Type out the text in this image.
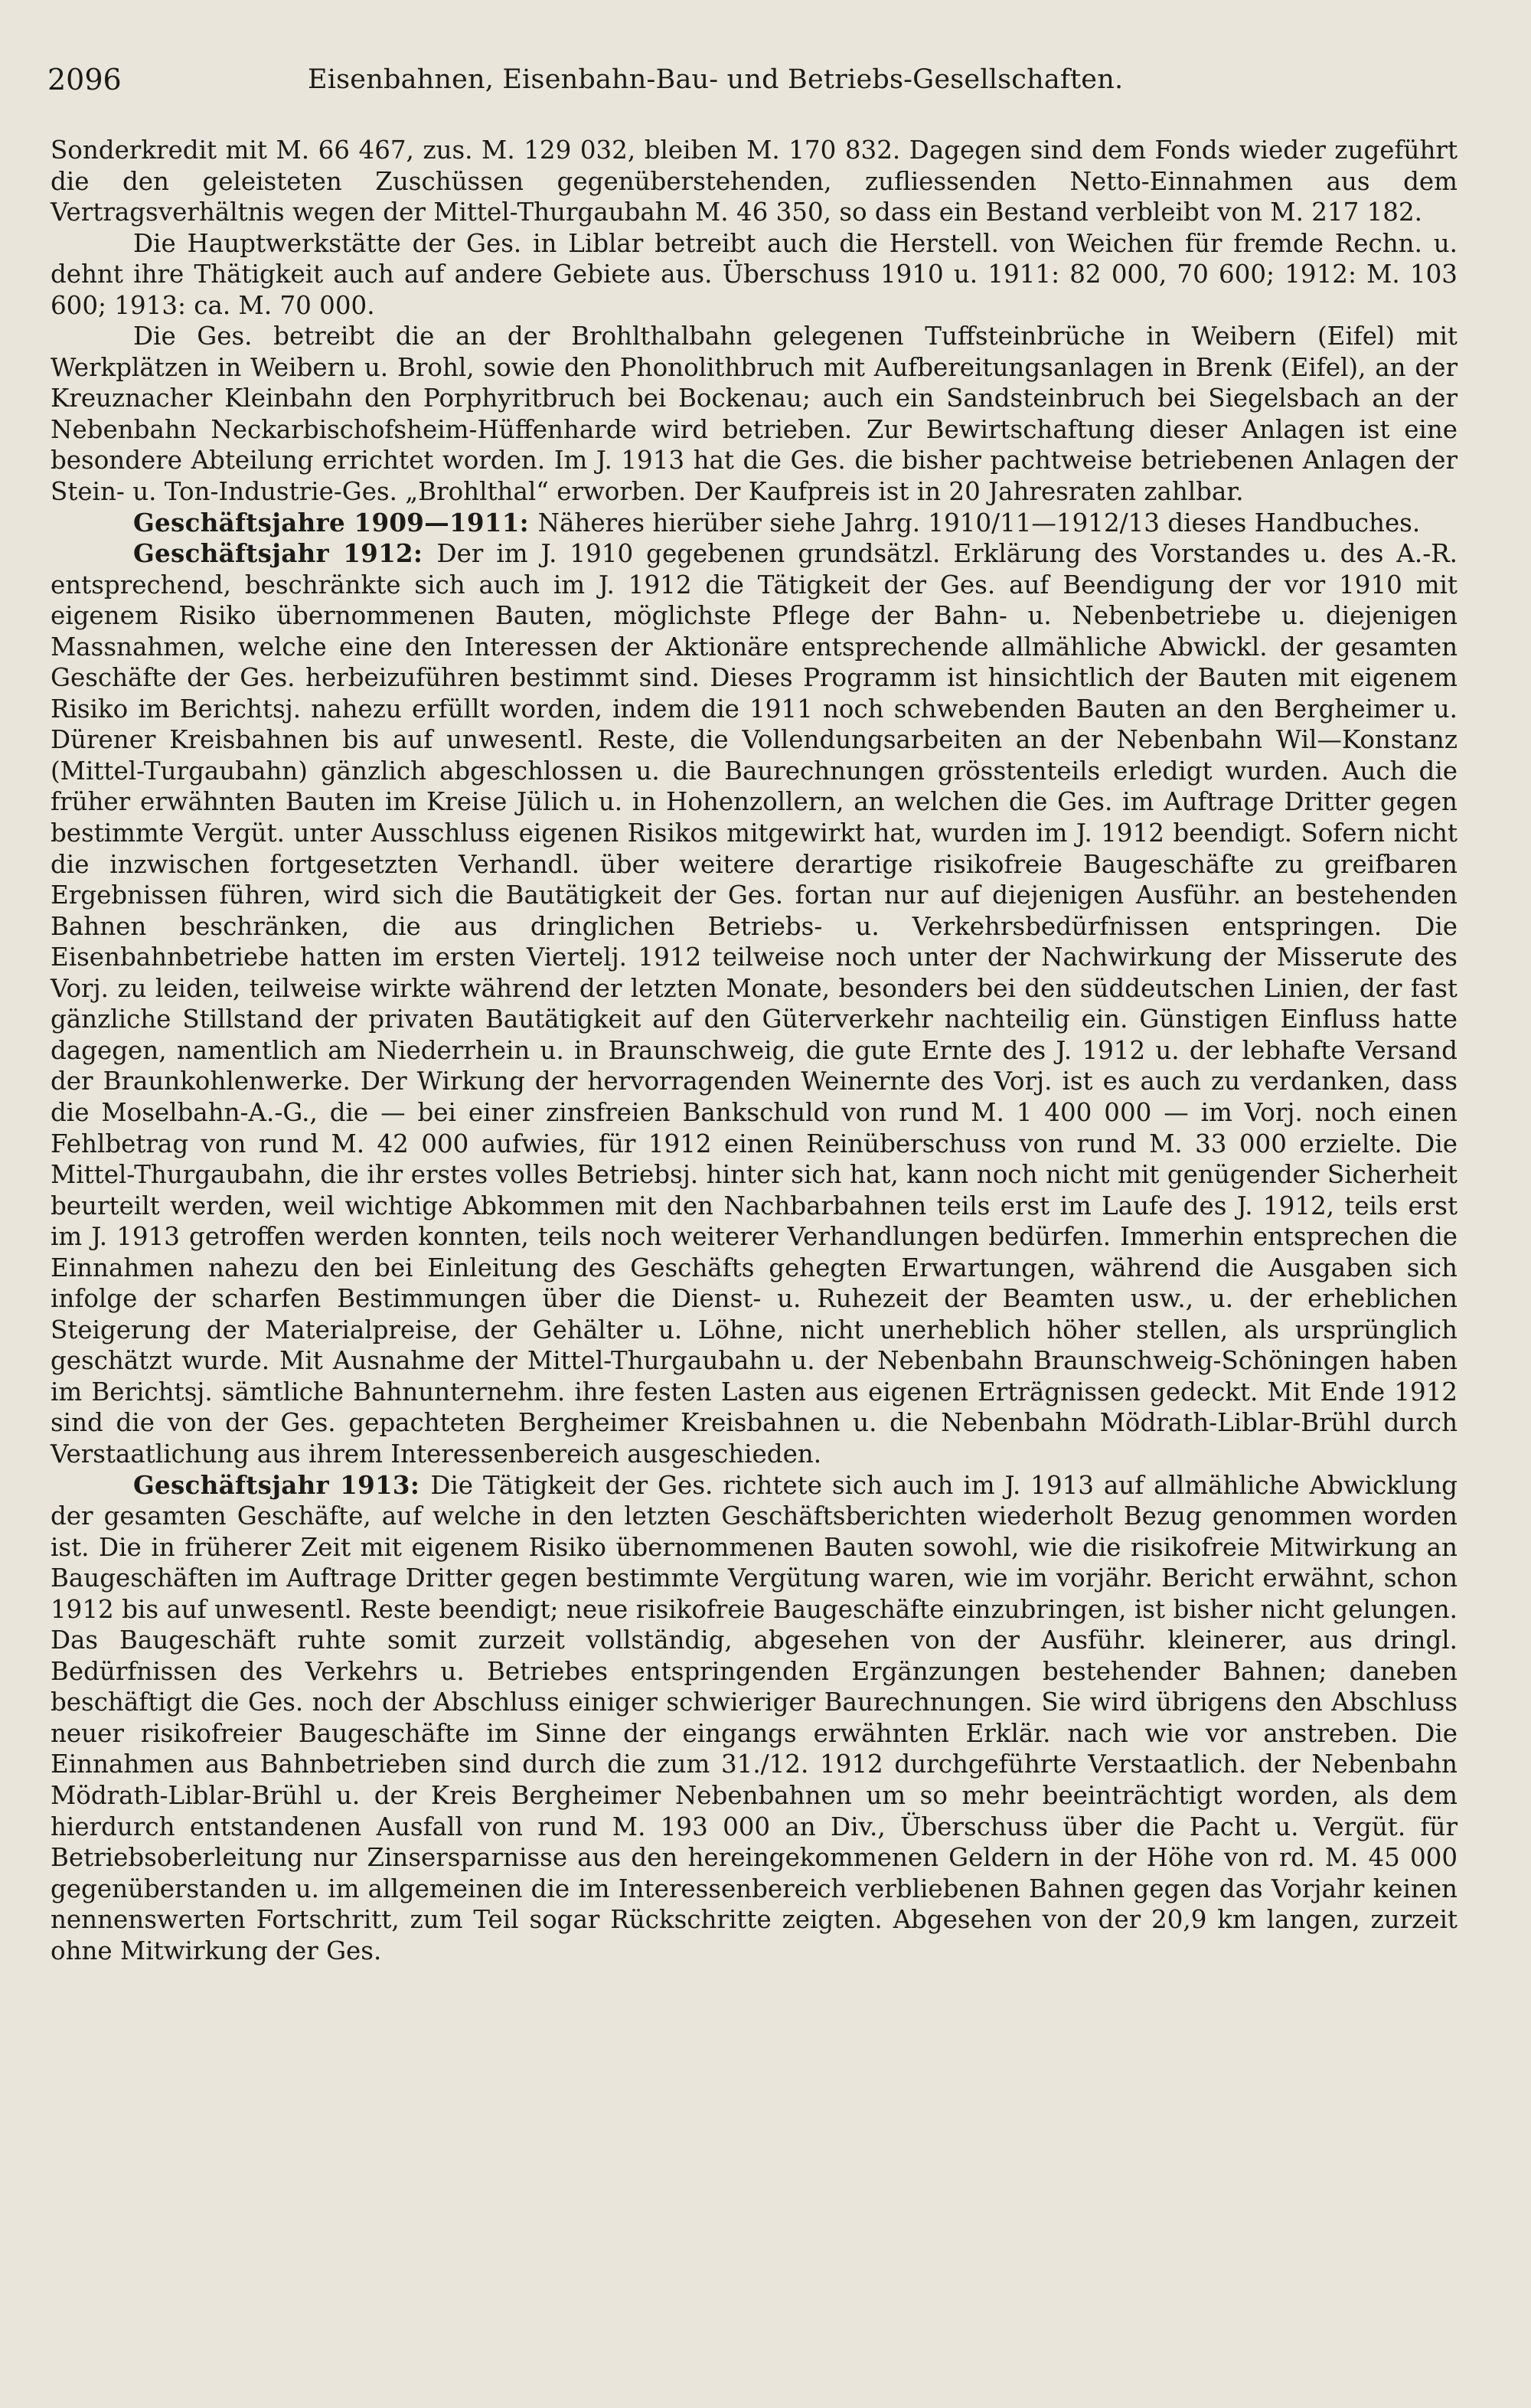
2096	Eisenbahnen, Eisenbahn-Bau- und Betriebs-Gesellschaften.

Sonderkredit mit M. 66 467, zus. M. 129 032, bleiben M. 170 832. Dagegen sind dem Fonds wieder zugeführt die den geleisteten Zuschüssen gegenüberstehenden, zufliessenden Netto-Einnahmen aus dem Vertragsverhältnis wegen der Mittel-Thurgaubahn M. 46 350, so dass ein Bestand verbleibt von M. 217 182.

Die Hauptwerkstätte der Ges. in Liblar betreibt auch die Herstell. von Weichen für fremde Rechn. u. dehnt ihre Thätigkeit auch auf andere Gebiete aus. Überschuss 1910 u. 1911: 82 000, 70 600; 1912: M. 103 600; 1913: ca. M. 70 000.

Die Ges. betreibt die an der Brohlthalbahn gelegenen Tuffsteinbrüche in Weibern (Eifel) mit Werkplätzen in Weibern u. Brohl, sowie den Phonolithbruch mit Aufbereitungsanlagen in Brenk (Eifel), an der Kreuznacher Kleinbahn den Porphyritbruch bei Bockenau; auch ein Sandsteinbruch bei Siegelsbach an der Nebenbahn Neckarbischofsheim-Hüffenharde wird betrieben. Zur Bewirtschaftung dieser Anlagen ist eine besondere Abteilung errichtet worden. Im J. 1913 hat die Ges. die bisher pachtweise betriebenen Anlagen der Stein- u. Ton-Industrie-Ges. „Brohlthal“ erworben. Der Kaufpreis ist in 20 Jahresraten zahlbar.

Geschäftsjahre 1909—1911: Näheres hierüber siehe Jahrg. 1910/11—1912/13 dieses Handbuches.

Geschäftsjahr 1912: Der im J. 1910 gegebenen grundsätzl. Erklärung des Vorstandes u. des A.-R. entsprechend, beschränkte sich auch im J. 1912 die Tätigkeit der Ges. auf Beendigung der vor 1910 mit eigenem Risiko übernommenen Bauten, möglichste Pflege der Bahn- u. Nebenbetriebe u. diejenigen Massnahmen, welche eine den Interessen der Aktionäre entsprechende allmähliche Abwickl. der gesamten Geschäfte der Ges. herbeizuführen bestimmt sind. Dieses Programm ist hinsichtlich der Bauten mit eigenem Risiko im Berichtsj. nahezu erfüllt worden, indem die 1911 noch schwebenden Bauten an den Bergheimer u. Dürener Kreisbahnen bis auf unwesentl. Reste, die Vollendungsarbeiten an der Nebenbahn Wil—Konstanz (Mittel-Turgaubahn) gänzlich abgeschlossen u. die Baurechnungen grösstenteils erledigt wurden. Auch die früher erwähnten Bauten im Kreise Jülich u. in Hohenzollern, an welchen die Ges. im Auftrage Dritter gegen bestimmte Vergüt. unter Ausschluss eigenen Risikos mitgewirkt hat, wurden im J. 1912 beendigt. Sofern nicht die inzwischen fortgesetzten Verhandl. über weitere derartige risikofreie Baugeschäfte zu greifbaren Ergebnissen führen, wird sich die Bautätigkeit der Ges. fortan nur auf diejenigen Ausführ. an bestehenden Bahnen beschränken, die aus dringlichen Betriebs- u. Verkehrsbedürfnissen entspringen. Die Eisenbahnbetriebe hatten im ersten Viertelj. 1912 teilweise noch unter der Nachwirkung der Misserute des Vorj. zu leiden, teilweise wirkte während der letzten Monate, besonders bei den süddeutschen Linien, der fast gänzliche Stillstand der privaten Bautätigkeit auf den Güterverkehr nachteilig ein. Günstigen Einfluss hatte dagegen, namentlich am Niederrhein u. in Braunschweig, die gute Ernte des J. 1912 u. der lebhafte Versand der Braunkohlenwerke. Der Wirkung der hervorragenden Weinernte des Vorj. ist es auch zu verdanken, dass die Moselbahn-A.-G., die — bei einer zinsfreien Bankschuld von rund M. 1 400 000 — im Vorj. noch einen Fehlbetrag von rund M. 42 000 aufwies, für 1912 einen Reinüberschuss von rund M. 33 000 erzielte. Die Mittel-Thurgaubahn, die ihr erstes volles Betriebsj. hinter sich hat, kann noch nicht mit genügender Sicherheit beurteilt werden, weil wichtige Abkommen mit den Nachbarbahnen teils erst im Laufe des J. 1912, teils erst im J. 1913 getroffen werden konnten, teils noch weiterer Verhandlungen bedürfen. Immerhin entsprechen die Einnahmen nahezu den bei Einleitung des Geschäfts gehegten Erwartungen, während die Ausgaben sich infolge der scharfen Bestimmungen über die Dienst- u. Ruhezeit der Beamten usw., u. der erheblichen Steigerung der Materialpreise, der Gehälter u. Löhne, nicht unerheblich höher stellen, als ursprünglich geschätzt wurde. Mit Ausnahme der Mittel-Thurgaubahn u. der Nebenbahn Braunschweig-Schöningen haben im Berichtsj. sämtliche Bahnunternehm. ihre festen Lasten aus eigenen Erträgnissen gedeckt. Mit Ende 1912 sind die von der Ges. gepachteten Bergheimer Kreisbahnen u. die Nebenbahn Mödrath-Liblar-Brühl durch Verstaatlichung aus ihrem Interessenbereich ausgeschieden.

Geschäftsjahr 1913: Die Tätigkeit der Ges. richtete sich auch im J. 1913 auf allmähliche Abwicklung der gesamten Geschäfte, auf welche in den letzten Geschäftsberichten wiederholt Bezug genommen worden ist. Die in früherer Zeit mit eigenem Risiko übernommenen Bauten sowohl, wie die risikofreie Mitwirkung an Baugeschäften im Auftrage Dritter gegen bestimmte Vergütung waren, wie im vorjähr. Bericht erwähnt, schon 1912 bis auf unwesentl. Reste beendigt; neue risikofreie Baugeschäfte einzubringen, ist bisher nicht gelungen. Das Baugeschäft ruhte somit zurzeit vollständig, abgesehen von der Ausführ. kleinerer, aus dringl. Bedürfnissen des Verkehrs u. Betriebes entspringenden Ergänzungen bestehender Bahnen; daneben beschäftigt die Ges. noch der Abschluss einiger schwieriger Baurechnungen. Sie wird übrigens den Abschluss neuer risikofreier Baugeschäfte im Sinne der eingangs erwähnten Erklär. nach wie vor anstreben. Die Einnahmen aus Bahnbetrieben sind durch die zum 31./12. 1912 durchgeführte Verstaatlich. der Nebenbahn Mödrath-Liblar-Brühl u. der Kreis Bergheimer Nebenbahnen um so mehr beeinträchtigt worden, als dem hierdurch entstandenen Ausfall von rund M. 193 000 an Div., Überschuss über die Pacht u. Vergüt. für Betriebsoberleitung nur Zinsersparnisse aus den hereingekommenen Geldern in der Höhe von rd. M. 45 000 gegenüberstanden u. im allgemeinen die im Interessenbereich verbliebenen Bahnen gegen das Vorjahr keinen nennenswerten Fortschritt, zum Teil sogar Rückschritte zeigten. Abgesehen von der 20,9 km langen, zurzeit ohne Mitwirkung der Ges.
